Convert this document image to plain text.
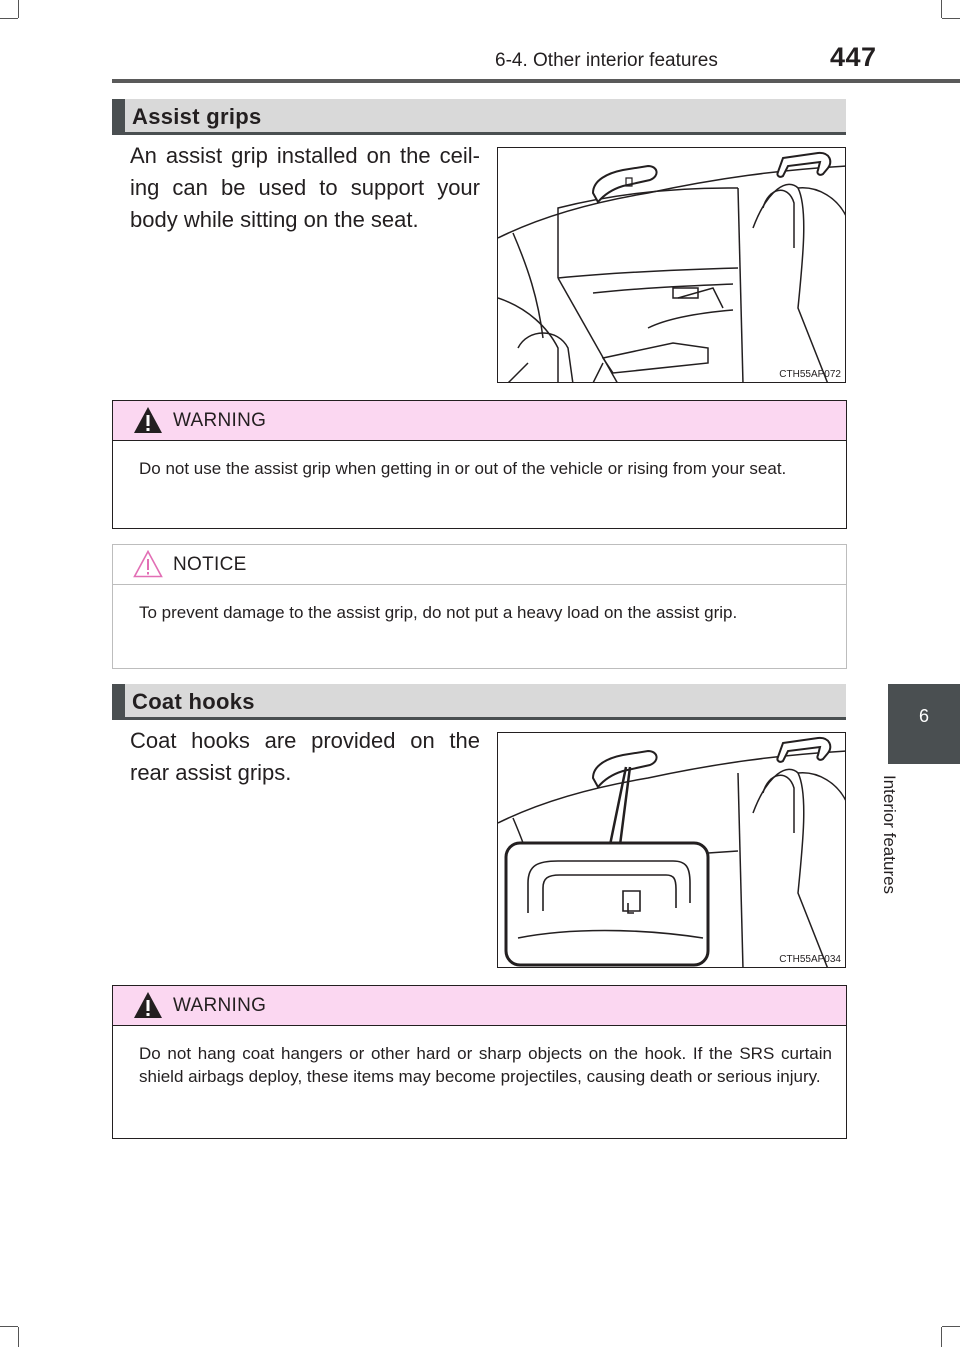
6-4. Other interior features	447
6
Interior features
Assist grips
An assist grip installed on the ceil-ing can be used to support your body while sitting on the seat.
CTH55AP072
WARNING
Do not use the assist grip when getting in or out of the vehicle or rising from your seat.
NOTICE
To prevent damage to the assist grip, do not put a heavy load on the assist grip.
Coat hooks
Coat hooks are provided on the rear assist grips.
CTH55AP034
WARNING
Do not hang coat hangers or other hard or sharp objects on the hook. If the SRS curtain shield airbags deploy, these items may become projectiles, causing death or serious injury.
